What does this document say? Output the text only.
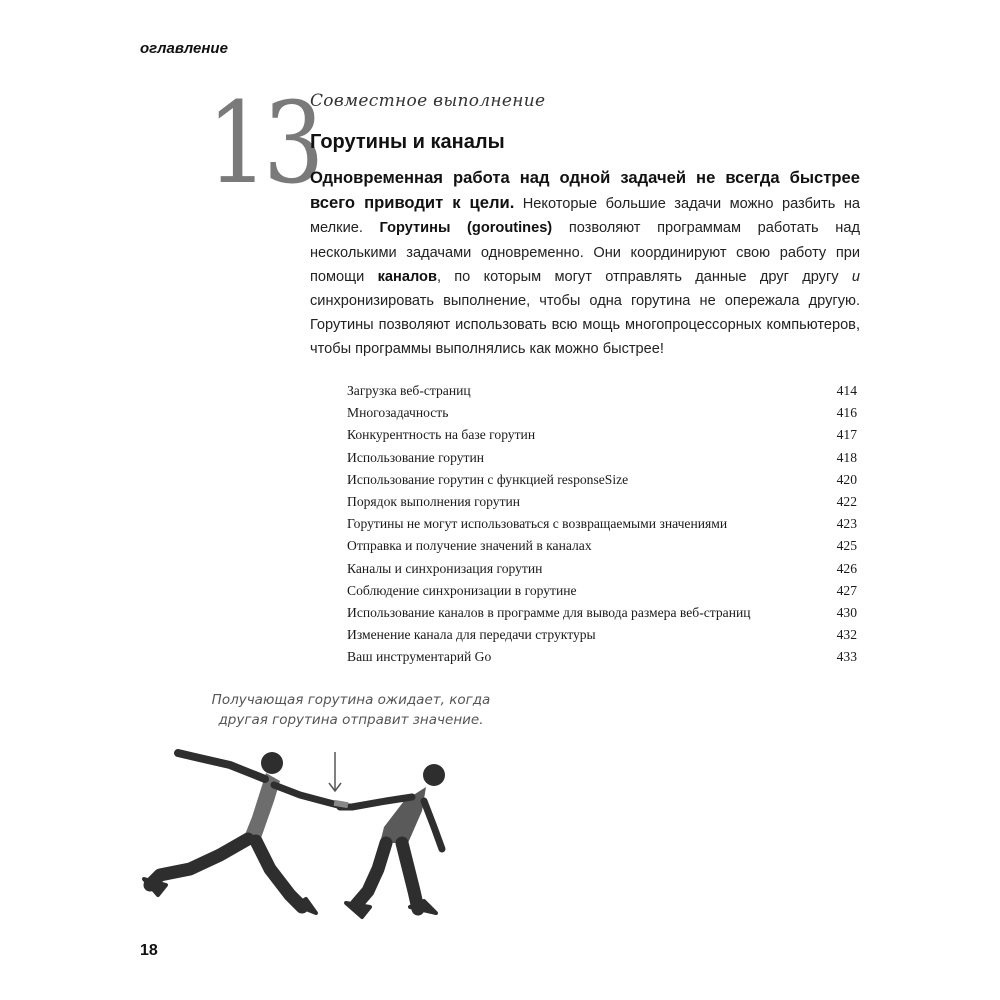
оглавление
13
Совместное выполнение
Горутины и каналы

Одновременная работа над одной задачей не всегда быстрее всего приводит к цели. Некоторые большие задачи можно разбить на мелкие. Горутины (goroutines) позволяют программам работать над несколькими задачами одновременно. Они координируют свою работу при помощи каналов, по которым могут отправлять данные друг другу и синхронизировать выполнение, чтобы одна горутина не опережала другую. Горутины позволяют использовать всю мощь многопроцессорных компьютеров, чтобы программы выполнялись как можно быстрее!

Загрузка веб-страниц	414
Многозадачность	416
Конкурентность на базе горутин	417
Использование горутин	418
Использование горутин с функцией responseSize	420
Порядок выполнения горутин	422
Горутины не могут использоваться с возвращаемыми значениями	423
Отправка и получение значений в каналах	425
Каналы и синхронизация горутин	426
Соблюдение синхронизации в горутине	427
Использование каналов в программе для вывода размера веб-страниц	430
Изменение канала для передачи структуры	432
Ваш инструментарий Go	433
Получающая горутина ожидает, когда другая горутина отправит значение.
18
